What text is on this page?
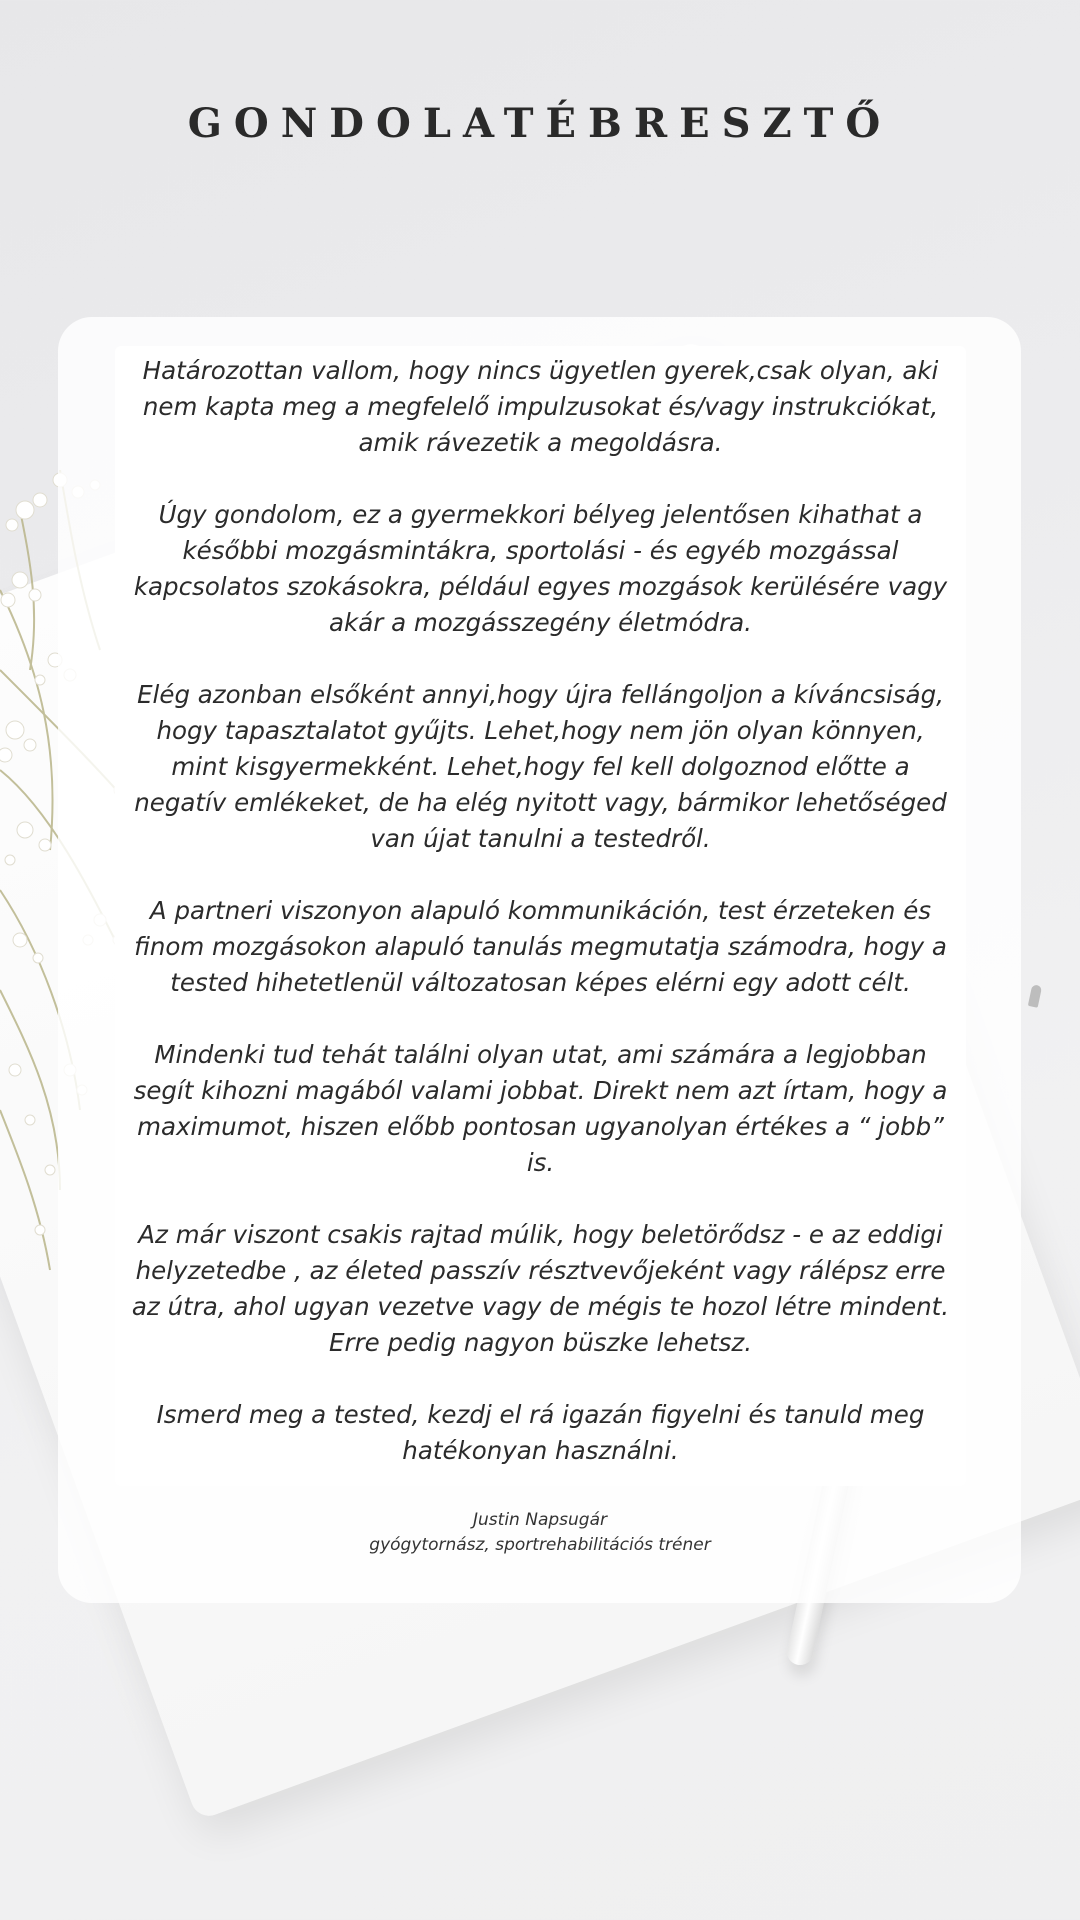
GONDOLATÉBRESZTŐ

Határozottan vallom, hogy nincs ügyetlen gyerek,csak olyan, aki nem kapta meg a megfelelő impulzusokat és/vagy instrukciókat, amik rávezetik a megoldásra.

Úgy gondolom, ez a gyermekkori bélyeg jelentősen kihathat a későbbi mozgásmintákra, sportolási - és egyéb mozgással kapcsolatos szokásokra, például egyes mozgások kerülésére vagy akár a mozgásszegény életmódra.

Elég azonban elsőként annyi,hogy újra fellángoljon a kíváncsiság, hogy tapasztalatot gyűjts. Lehet,hogy nem jön olyan könnyen, mint kisgyermekként. Lehet,hogy fel kell dolgoznod előtte a negatív emlékeket, de ha elég nyitott vagy, bármikor lehetőséged van újat tanulni a testedről.

A partneri viszonyon alapuló kommunikáción, test érzeteken és finom mozgásokon alapuló tanulás megmutatja számodra, hogy a tested hihetetlenül változatosan képes elérni egy adott célt.

Mindenki tud tehát találni olyan utat, ami számára a legjobban segít kihozni magából valami jobbat. Direkt nem azt írtam, hogy a maximumot, hiszen előbb pontosan ugyanolyan értékes a “ jobb” is.

Az már viszont csakis rajtad múlik, hogy beletörődsz - e az eddigi helyzetedbe , az életed passzív résztvevőjeként vagy rálépsz erre az útra, ahol ugyan vezetve vagy de mégis te hozol létre mindent. Erre pedig nagyon büszke lehetsz.

Ismerd meg a tested, kezdj el rá igazán figyelni és tanuld meg hatékonyan használni.

Justin Napsugár
gyógytornász, sportrehabilitációs tréner
